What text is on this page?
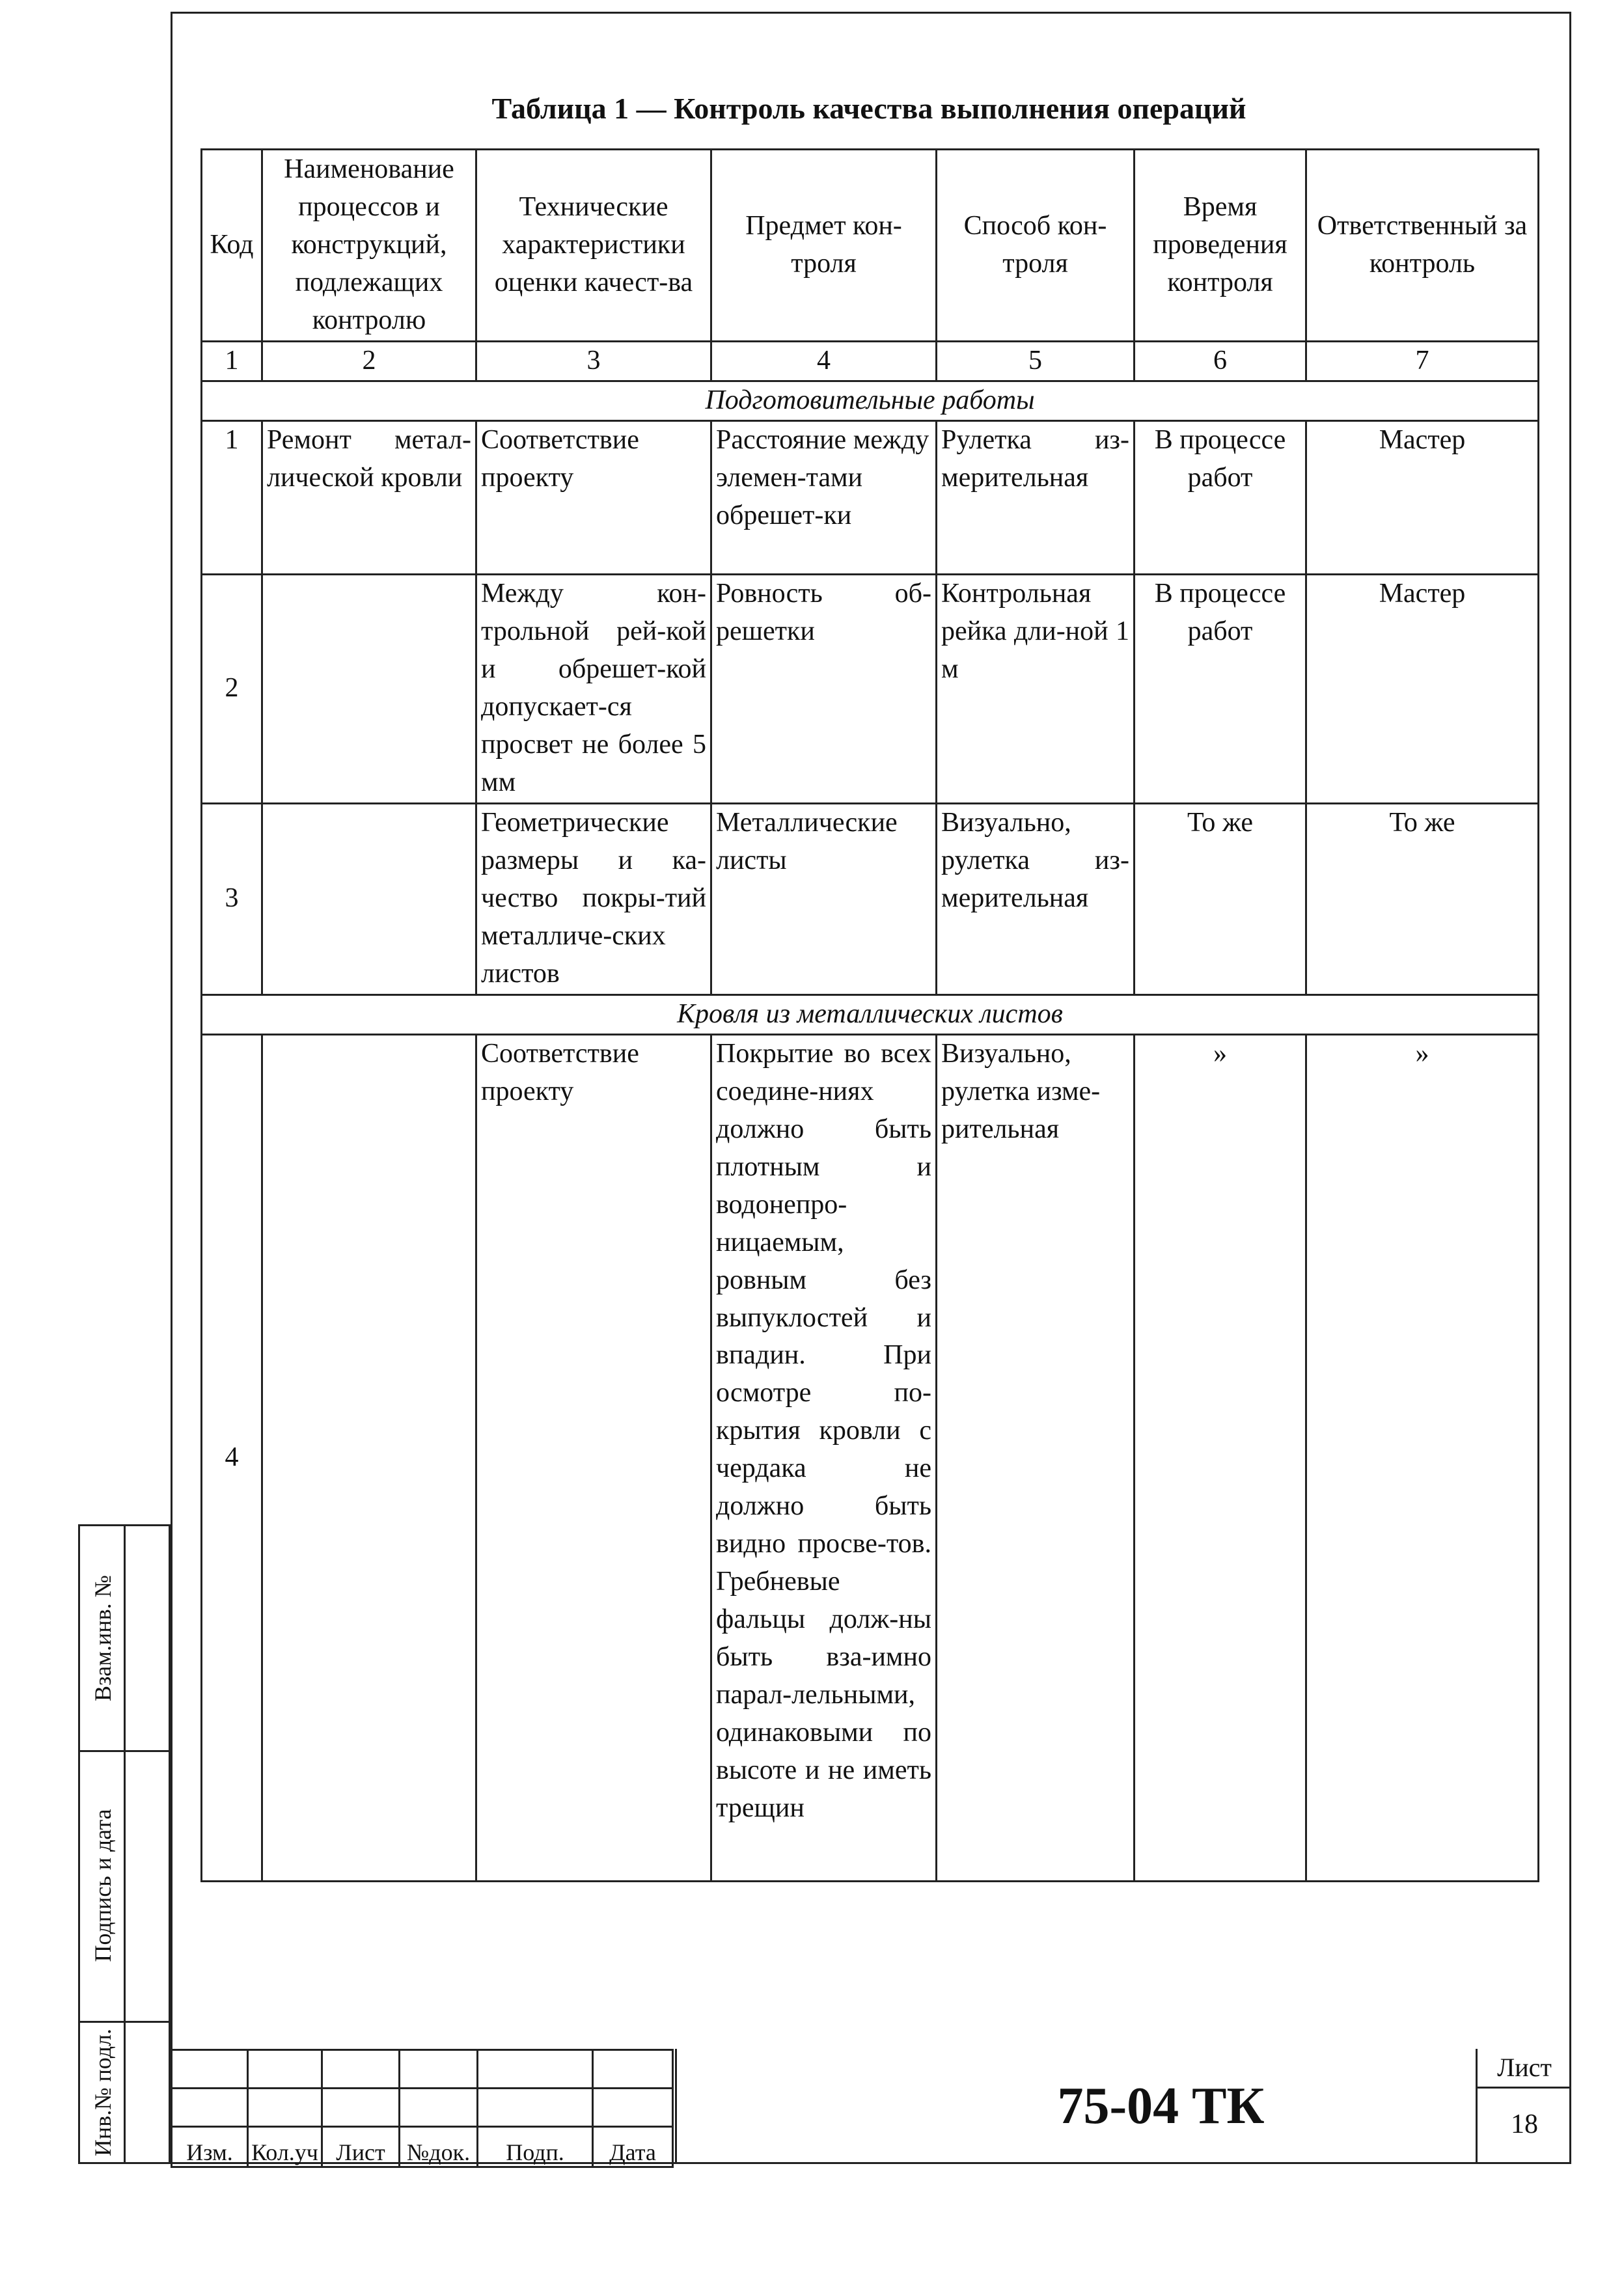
Таблица 1 — Контроль качества выполнения операций
Код	Наименование процессов и конструкций, подлежащих контролю	Технические характеристики оценки качест-ва	Предмет кон-троля	Способ кон-троля	Время проведения контроля	Ответственный за контроль
1	2	3	4	5	6	7
Подготовительные работы						
1	Ремонт метал-лической кровли	Соответствие проекту	Расстояние между элемен-тами обрешет-ки	Рулетка из-мерительная	В процессе работ	Мастер
2		Между кон-трольной рей-кой и обрешет-кой допускает-ся просвет не более 5 мм	Ровность об-решетки	Контрольная рейка дли-ной 1 м	В процессе работ	Мастер
3		Геометрические размеры и ка-чество покры-тий металличе-ских листов	Металлические листы	Визуально, рулетка из-мерительная	То же	То же
Кровля из металлических листов						
4		Соответствие проекту	Покрытие во всех соедине-ниях должно быть плотным и водонепро-ницаемым, ровным без выпуклостей и впадин. При осмотре по-крытия кровли с чердака не должно быть видно просве-тов. Гребневые фальцы долж-ны быть вза-имно парал-лельными, одинаковыми по высоте и не иметь трещин	Визуально, рулетка изме-рительная	»	»
Взам.инв. №
Подпись и дата
Инв.№ подл.

						Изм.	Кол.уч	Лист	№док.	Подп.	Дата
75-04 ТК
Лист
18
